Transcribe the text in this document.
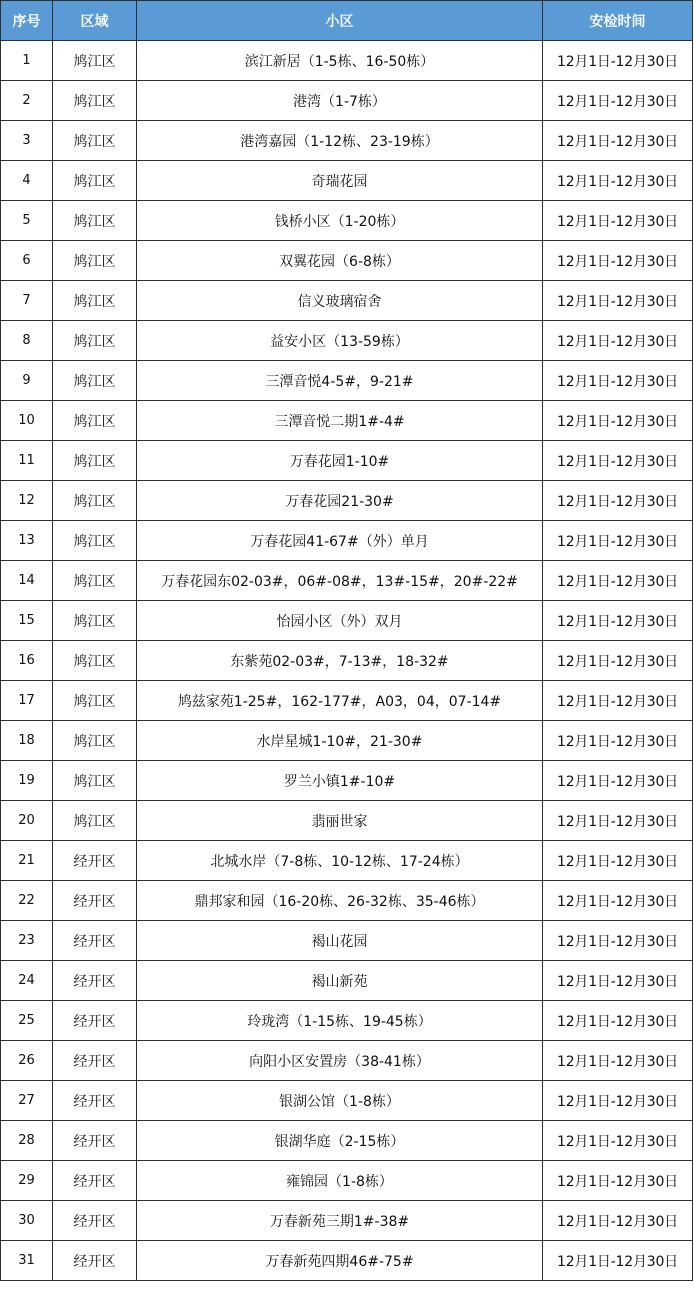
序号	区域	小区	安检时间
1	鸠江区	滨江新居（1-5栋、16-50栋）	12月1日-12月30日
2	鸠江区	港湾（1-7栋）	12月1日-12月30日
3	鸠江区	港湾嘉园（1-12栋、23-19栋）	12月1日-12月30日
4	鸠江区	奇瑞花园	12月1日-12月30日
5	鸠江区	钱桥小区（1-20栋）	12月1日-12月30日
6	鸠江区	双翼花园（6-8栋）	12月1日-12月30日
7	鸠江区	信义玻璃宿舍	12月1日-12月30日
8	鸠江区	益安小区（13-59栋）	12月1日-12月30日
9	鸠江区	三潭音悦4-5#，9-21#	12月1日-12月30日
10	鸠江区	三潭音悦二期1#-4#	12月1日-12月30日
11	鸠江区	万春花园1-10#	12月1日-12月30日
12	鸠江区	万春花园21-30#	12月1日-12月30日
13	鸠江区	万春花园41-67#（外）单月	12月1日-12月30日
14	鸠江区	万春花园东02-03#，06#-08#，13#-15#，20#-22#	12月1日-12月30日
15	鸠江区	怡园小区（外）双月	12月1日-12月30日
16	鸠江区	东紫苑02-03#，7-13#，18-32#	12月1日-12月30日
17	鸠江区	鸠兹家苑1-25#，162-177#，A03，04，07-14#	12月1日-12月30日
18	鸠江区	水岸星城1-10#，21-30#	12月1日-12月30日
19	鸠江区	罗兰小镇1#-10#	12月1日-12月30日
20	鸠江区	翡丽世家	12月1日-12月30日
21	经开区	北城水岸（7-8栋、10-12栋、17-24栋）	12月1日-12月30日
22	经开区	鼎邦家和园（16-20栋、26-32栋、35-46栋）	12月1日-12月30日
23	经开区	褐山花园	12月1日-12月30日
24	经开区	褐山新苑	12月1日-12月30日
25	经开区	玲珑湾（1-15栋、19-45栋）	12月1日-12月30日
26	经开区	向阳小区安置房（38-41栋）	12月1日-12月30日
27	经开区	银湖公馆（1-8栋）	12月1日-12月30日
28	经开区	银湖华庭（2-15栋）	12月1日-12月30日
29	经开区	雍锦园（1-8栋）	12月1日-12月30日
30	经开区	万春新苑三期1#-38#	12月1日-12月30日
31	经开区	万春新苑四期46#-75#	12月1日-12月30日
